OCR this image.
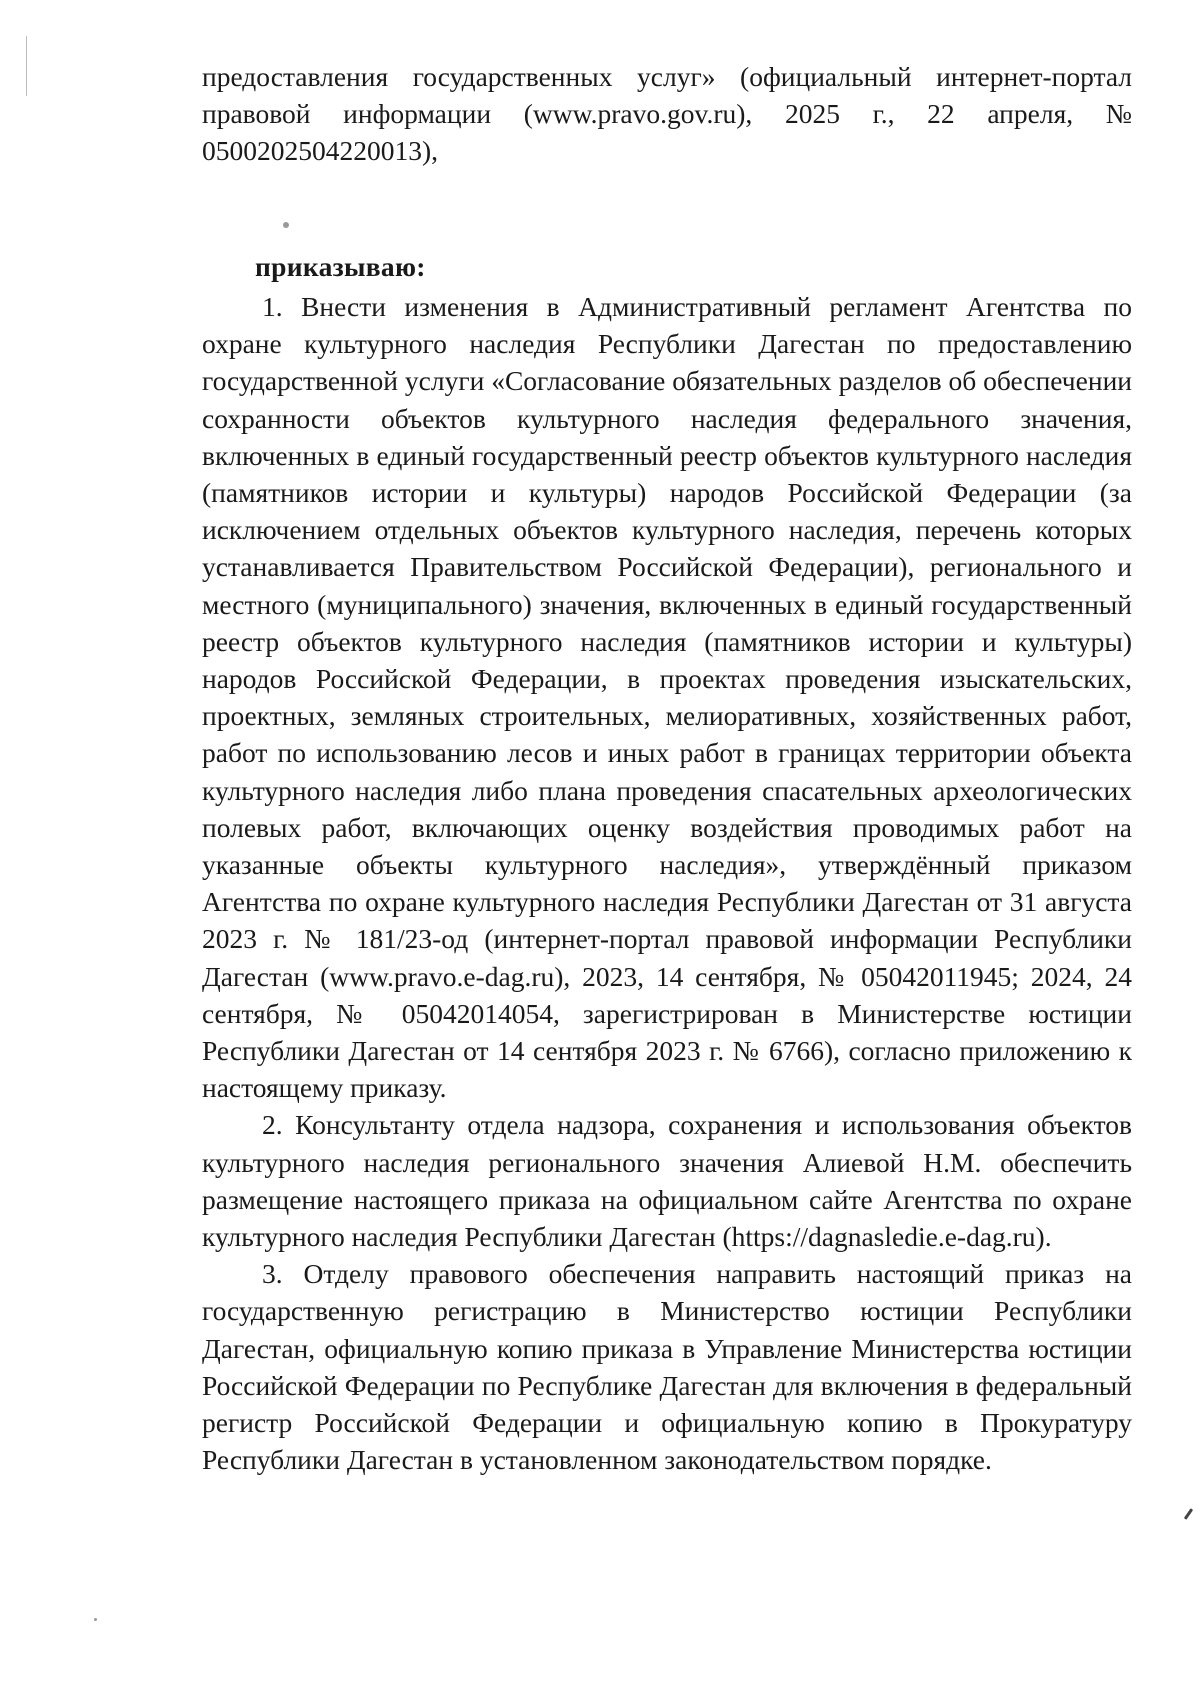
предоставления государственных услуг» (официальный интернет-портал
правовой информации (www.pravo.gov.ru), 2025 г., 22 апреля, №
0500202504220013),
приказываю:

1. Внести изменения в Административный регламент Агентства по охране культурного наследия Республики Дагестан по предоставлению государственной услуги «Согласование обязательных разделов об обеспечении сохранности объектов культурного наследия федерального значения, включенных в единый государственный реестр объектов культурного наследия (памятников истории и культуры) народов Российской Федерации (за исключением отдельных объектов культурного наследия, перечень которых устанавливается Правительством Российской Федерации), регионального и местного (муниципального) значения, включенных в единый государственный реестр объектов культурного наследия (памятников истории и культуры) народов Российской Федерации, в проектах проведения изыскательских, проектных, земляных строительных, мелиоративных, хозяйственных работ, работ по использованию лесов и иных работ в границах территории объекта культурного наследия либо плана проведения спасательных археологических полевых работ, включающих оценку воздействия проводимых работ на указанные объекты культурного наследия», утверждённый приказом Агентства по охране культурного наследия Республики Дагестан от 31 августа 2023 г. № 181/23-од (интернет-портал правовой информации Республики Дагестан (www.pravo.e-dag.ru), 2023, 14 сентября, № 05042011945; 2024, 24 сентября, № 05042014054, зарегистрирован в Министерстве юстиции Республики Дагестан от 14 сентября 2023 г. № 6766), согласно приложению к настоящему приказу.

2. Консультанту отдела надзора, сохранения и использования объектов культурного наследия регионального значения Алиевой Н.М. обеспечить размещение настоящего приказа на официальном сайте Агентства по охране культурного наследия Республики Дагестан (https://dagnasledie.e-dag.ru).

3. Отделу правового обеспечения направить настоящий приказ на государственную регистрацию в Министерство юстиции Республики Дагестан, официальную копию приказа в Управление Министерства юстиции Российской Федерации по Республике Дагестан для включения в федеральный регистр Российской Федерации и официальную копию в Прокуратуру Республики Дагестан в установленном законодательством порядке.
